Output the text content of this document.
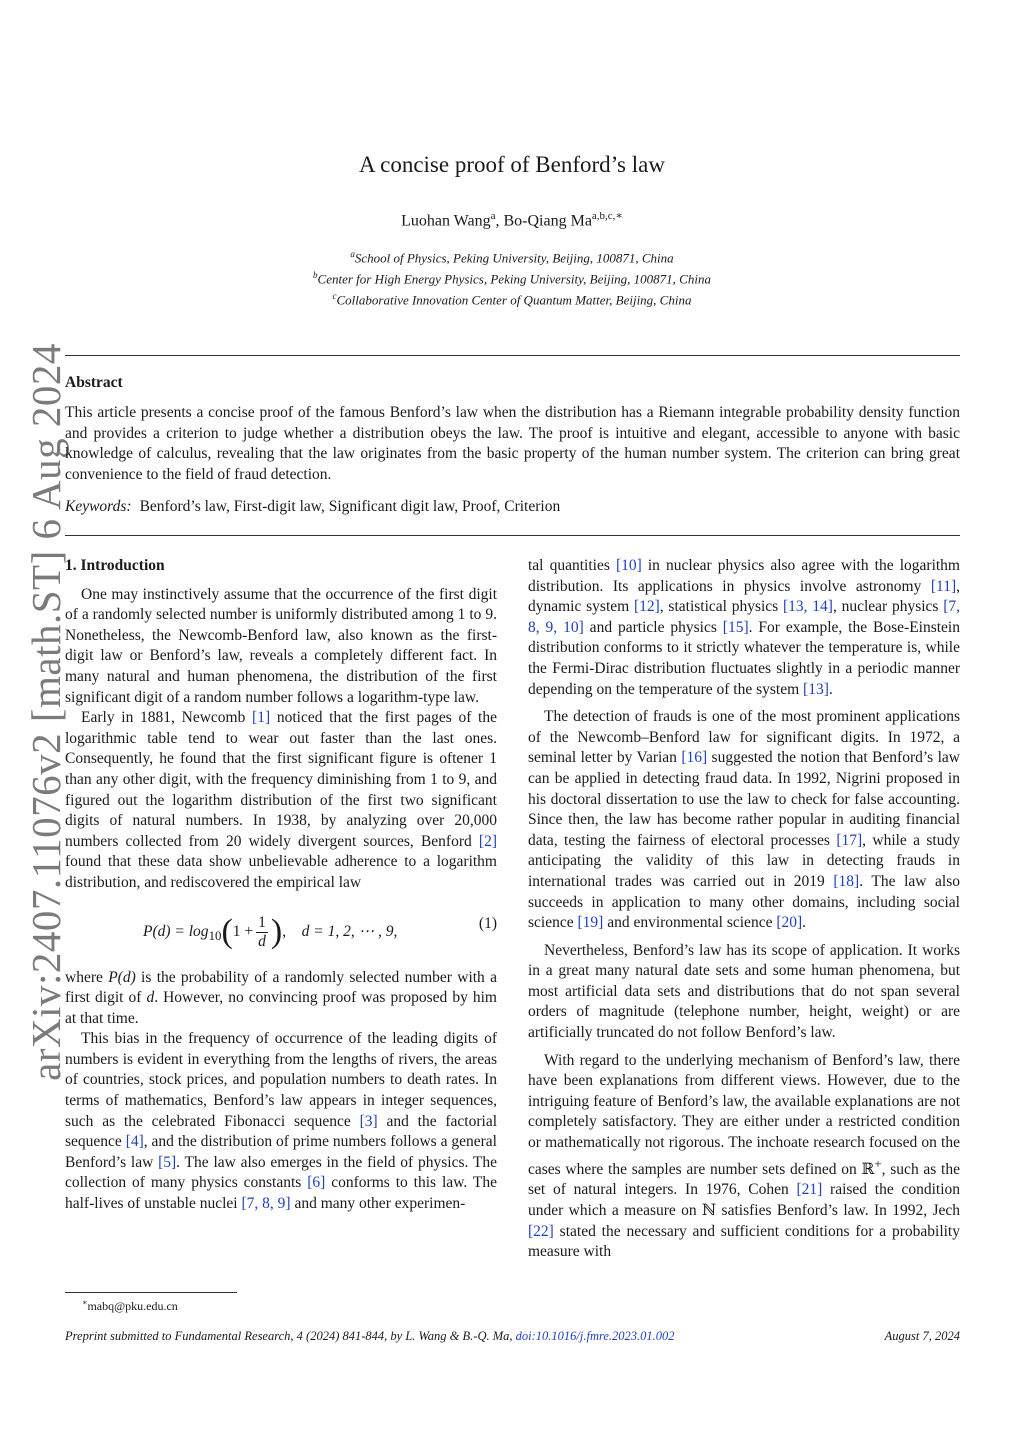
arXiv:2407.11076v2 [math.ST] 6 Aug 2024
A concise proof of Benford’s law
Luohan Wang$^a$, Bo-Qiang $Ma^{a,b,c,∗}$
$^a$School of Physics, Peking University, Beijing, 100871, China
$^b$Center for High Energy Physics, Peking University, Beijing, 100871, China
$^c$Collaborative Innovation Center of Quantum Matter, Beijing, China
Abstract
This article presents a concise proof of the famous Benford’s law when the distribution has a Riemann integrable probability density function and provides a criterion to judge whether a distribution obeys the law. The proof is intuitive and elegant, accessible to anyone with basic knowledge of calculus, revealing that the law originates from the basic property of the human number system. The criterion can bring great convenience to the field of fraud detection.
Keywords: Benford’s law, First-digit law, Significant digit law, Proof, Criterion
1. Introduction

One may instinctively assume that the occurrence of the first digit of a randomly selected number is uniformly distributed among 1 to 9. Nonetheless, the Newcomb-Benford law, also known as the first-digit law or Benford’s law, reveals a completely different fact. In many natural and human phenomena, the distribution of the first significant digit of a random number follows a logarithm-type law.

Early in 1881, Newcomb [1] noticed that the first pages of the logarithmic table tend to wear out faster than the last ones. Consequently, he found that the first significant figure is oftener 1 than any other digit, with the frequency diminishing from 1 to 9, and figured out the logarithm distribution of the first two significant digits of natural numbers. In 1938, by analyzing over 20,000 numbers collected from 20 widely divergent sources, Benford [2] found that these data show unbelievable adherence to a logarithm distribution, and rediscovered the empirical law

$P(d) = \log_{10}(1 + \frac{1}{d}$ ),    d = 1, 2, ⋯ , 9,	(1)

where P(d) is the probability of a randomly selected number with a first digit of d. However, no convincing proof was proposed by him at that time.

This bias in the frequency of occurrence of the leading digits of numbers is evident in everything from the lengths of rivers, the areas of countries, stock prices, and population numbers to death rates. In terms of mathematics, Benford’s law appears in integer sequences, such as the celebrated Fibonacci sequence [3] and the factorial sequence [4], and the distribution of prime numbers follows a general Benford’s law [5]. The law also emerges in the field of physics. The collection of many physics constants [6] conforms to this law. The half-lives of unstable nuclei [7, 8, 9] and many other experimen-

tal quantities [10] in nuclear physics also agree with the logarithm distribution. Its applications in physics involve astronomy [11], dynamic system [12], statistical physics [13, 14], nuclear physics [7, 8, 9, 10] and particle physics [15]. For example, the Bose-Einstein distribution conforms to it strictly whatever the temperature is, while the Fermi-Dirac distribution fluctuates slightly in a periodic manner depending on the temperature of the system [13].

The detection of frauds is one of the most prominent applications of the Newcomb–Benford law for significant digits. In 1972, a seminal letter by Varian [16] suggested the notion that Benford’s law can be applied in detecting fraud data. In 1992, Nigrini proposed in his doctoral dissertation to use the law to check for false accounting. Since then, the law has become rather popular in auditing financial data, testing the fairness of electoral processes [17], while a study anticipating the validity of this law in detecting frauds in international trades was carried out in 2019 [18]. The law also succeeds in application to many other domains, including social science [19] and environmental science [20].

Nevertheless, Benford’s law has its scope of application. It works in a great many natural date sets and some human phenomena, but most artificial data sets and distributions that do not span several orders of magnitude (telephone number, height, weight) or are artificially truncated do not follow Benford’s law.

With regard to the underlying mechanism of Benford’s law, there have been explanations from different views. However, due to the intriguing feature of Benford’s law, the available explanations are not completely satisfactory. They are either under a restricted condition or mathematically not rigorous. The inchoate research focused on the cases where the samples are number sets defined on ℝ+, such as the set of natural integers. In 1976, Cohen [21] raised the condition under which a measure on ℕ satisfies Benford’s law. In 1992, Jech [22] stated the necessary and sufficient conditions for a probability measure with

∗mabq@pku.edu.cn
Preprint submitted to Fundamental Research, 4 (2024) 841-844, by L. Wang & B.-Q. Ma, doi:10.1016/j.fmre.2023.01.002	August 7, 2024
